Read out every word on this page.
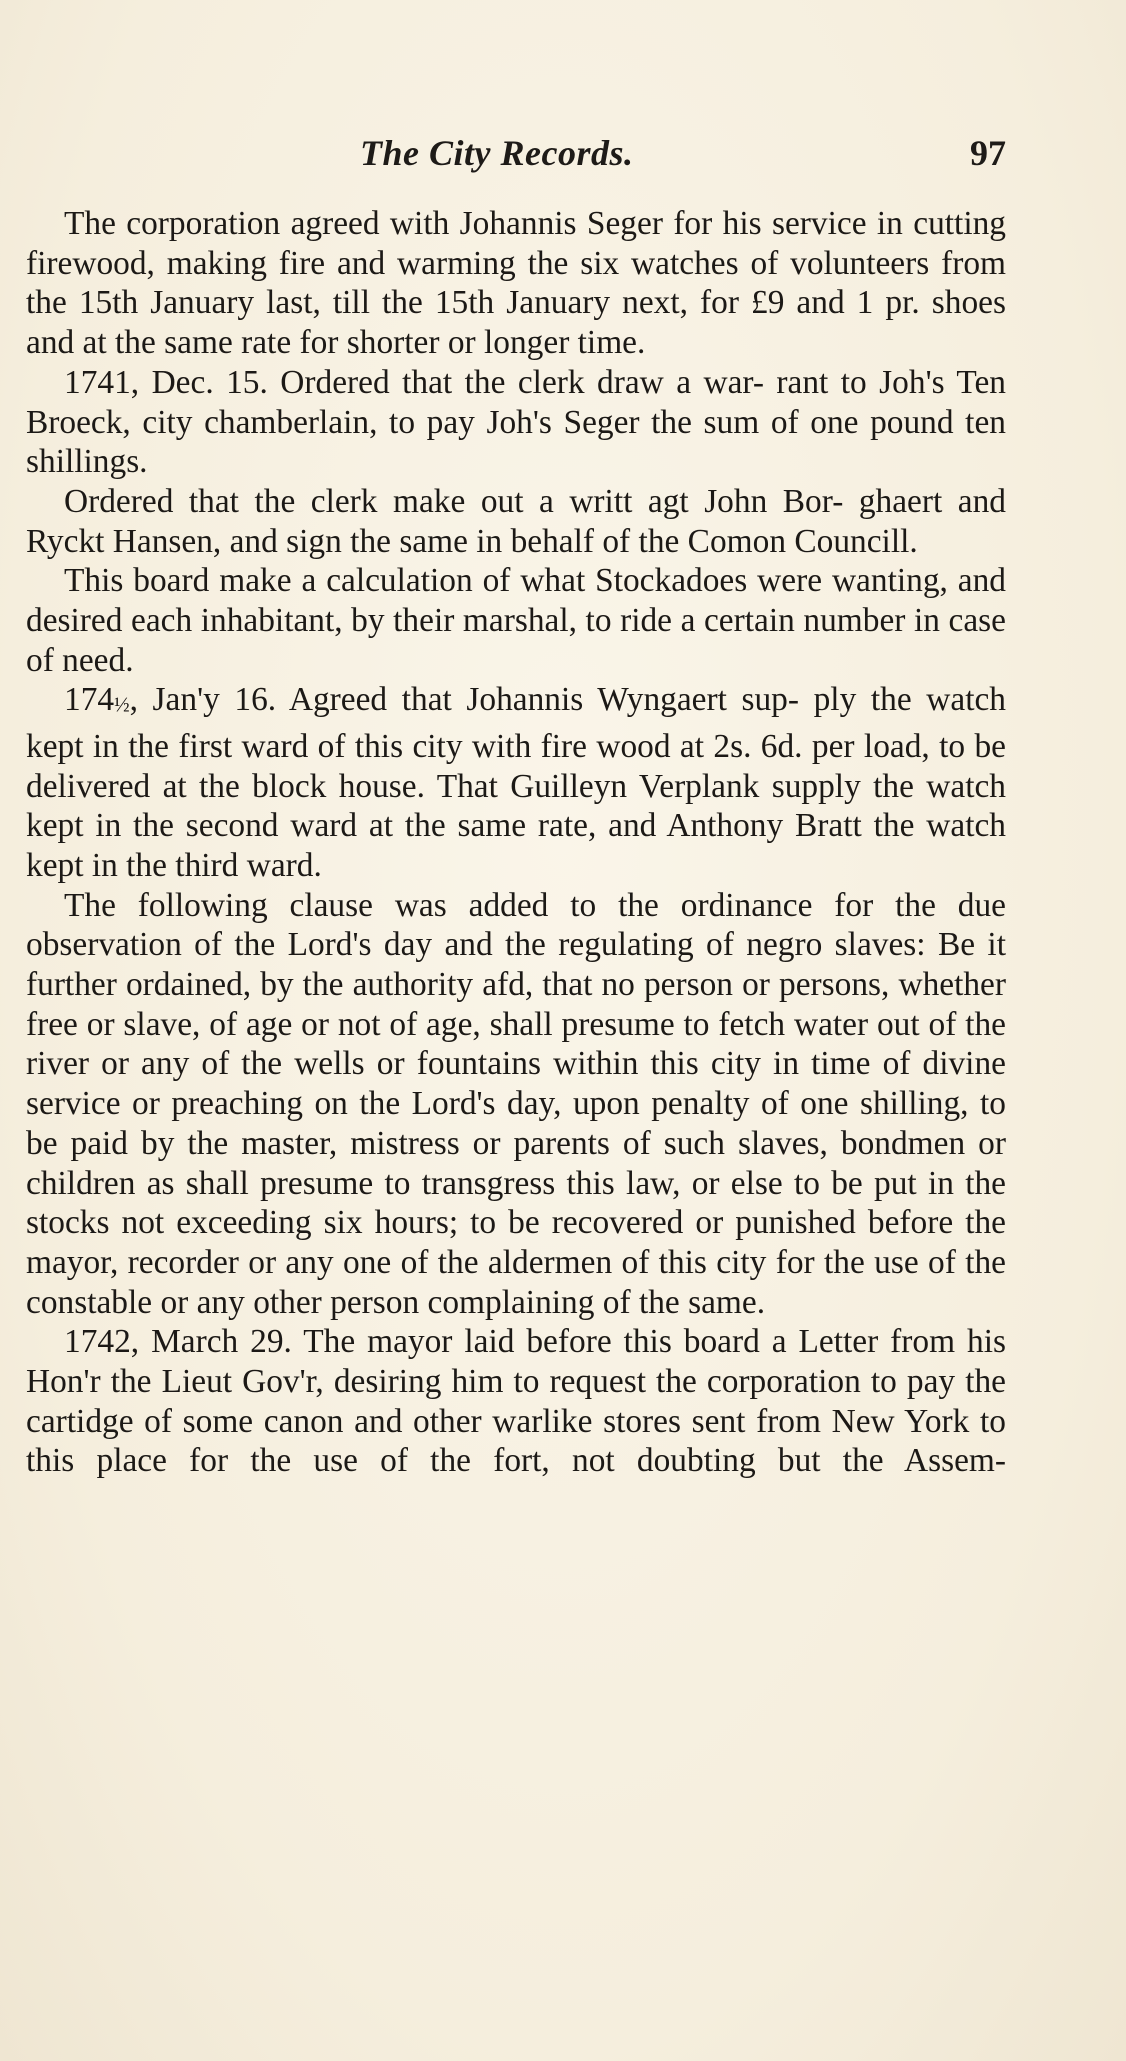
The City Records.	97

The corporation agreed with Johannis Seger for his service in cutting firewood, making fire and warming the six watches of volunteers from the 15th January last, till the 15th January next, for £9 and 1 pr. shoes and at the same rate for shorter or longer time.

1741, Dec. 15. Ordered that the clerk draw a war- rant to Joh's Ten Broeck, city chamberlain, to pay Joh's Seger the sum of one pound ten shillings.

Ordered that the clerk make out a writt agt John Bor- ghaert and Ryckt Hansen, and sign the same in behalf of the Comon Councill.

This board make a calculation of what Stockadoes were wanting, and desired each inhabitant, by their marshal, to ride a certain number in case of need.

174½, Jan'y 16. Agreed that Johannis Wyngaert sup- ply the watch kept in the first ward of this city with fire wood at 2s. 6d. per load, to be delivered at the block house. That Guilleyn Verplank supply the watch kept in the second ward at the same rate, and Anthony Bratt the watch kept in the third ward.

The following clause was added to the ordinance for the due observation of the Lord's day and the regulating of negro slaves: Be it further ordained, by the authority afd, that no person or persons, whether free or slave, of age or not of age, shall presume to fetch water out of the river or any of the wells or fountains within this city in time of divine service or preaching on the Lord's day, upon penalty of one shilling, to be paid by the master, mistress or parents of such slaves, bondmen or children as shall presume to transgress this law, or else to be put in the stocks not exceeding six hours; to be recovered or punished before the mayor, recorder or any one of the aldermen of this city for the use of the constable or any other person complaining of the same.

1742, March 29. The mayor laid before this board a Letter from his Hon'r the Lieut Gov'r, desiring him to request the corporation to pay the cartidge of some canon and other warlike stores sent from New York to this place for the use of the fort, not doubting but the Assem-
